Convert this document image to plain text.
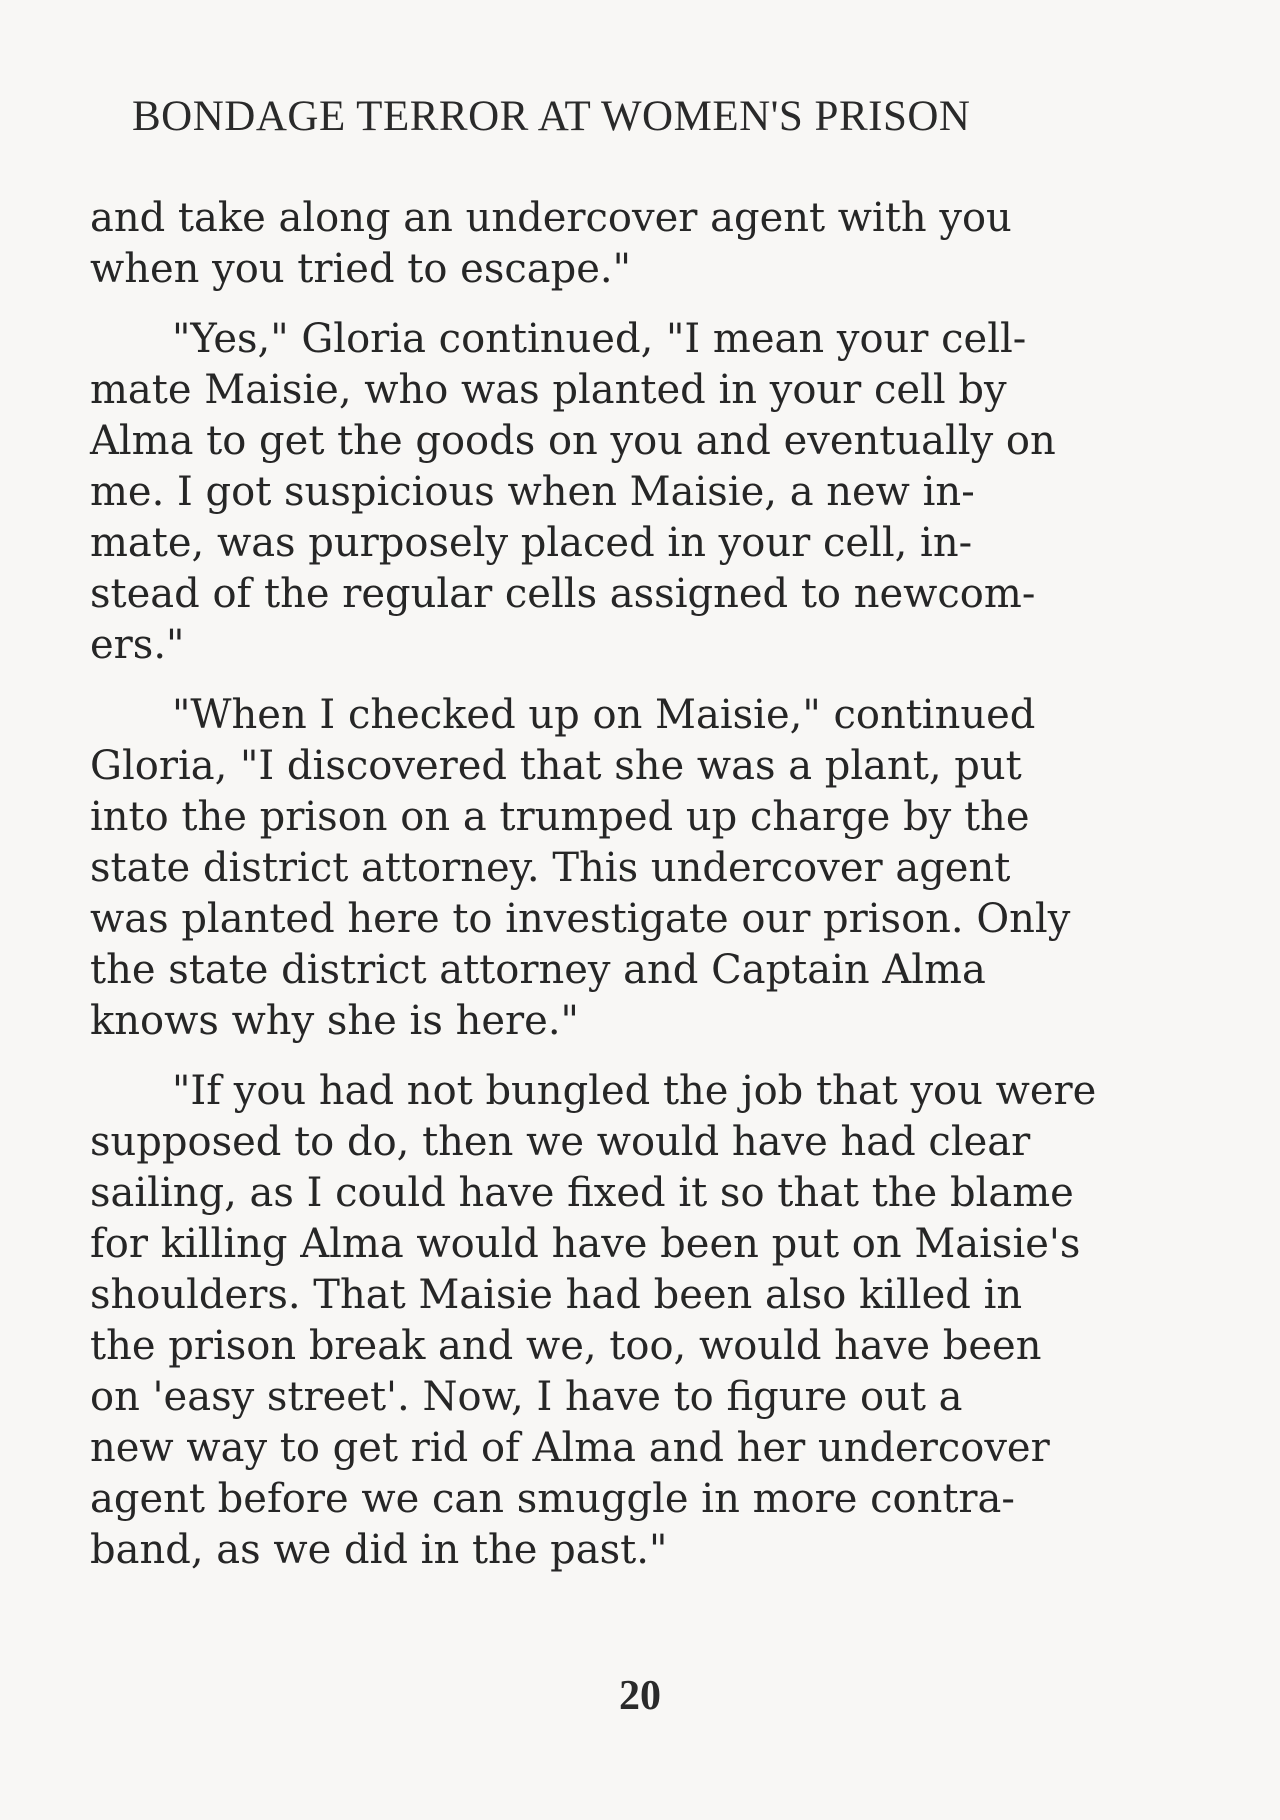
BONDAGE TERROR AT WOMEN'S PRISON
and take along an undercover agent with you
when you tried to escape."
"Yes," Gloria continued, "I mean your cell-
mate Maisie, who was planted in your cell by
Alma to get the goods on you and eventually on
me. I got suspicious when Maisie, a new in-
mate, was purposely placed in your cell, in-
stead of the regular cells assigned to newcom-
ers."
"When I checked up on Maisie," continued
Gloria, "I discovered that she was a plant, put
into the prison on a trumped up charge by the
state district attorney. This undercover agent
was planted here to investigate our prison. Only
the state district attorney and Captain Alma
knows why she is here."
"If you had not bungled the job that you were
supposed to do, then we would have had clear
sailing, as I could have fixed it so that the blame
for killing Alma would have been put on Maisie's
shoulders. That Maisie had been also killed in
the prison break and we, too, would have been
on 'easy street'. Now, I have to figure out a
new way to get rid of Alma and her undercover
agent before we can smuggle in more contra-
band, as we did in the past."
20
